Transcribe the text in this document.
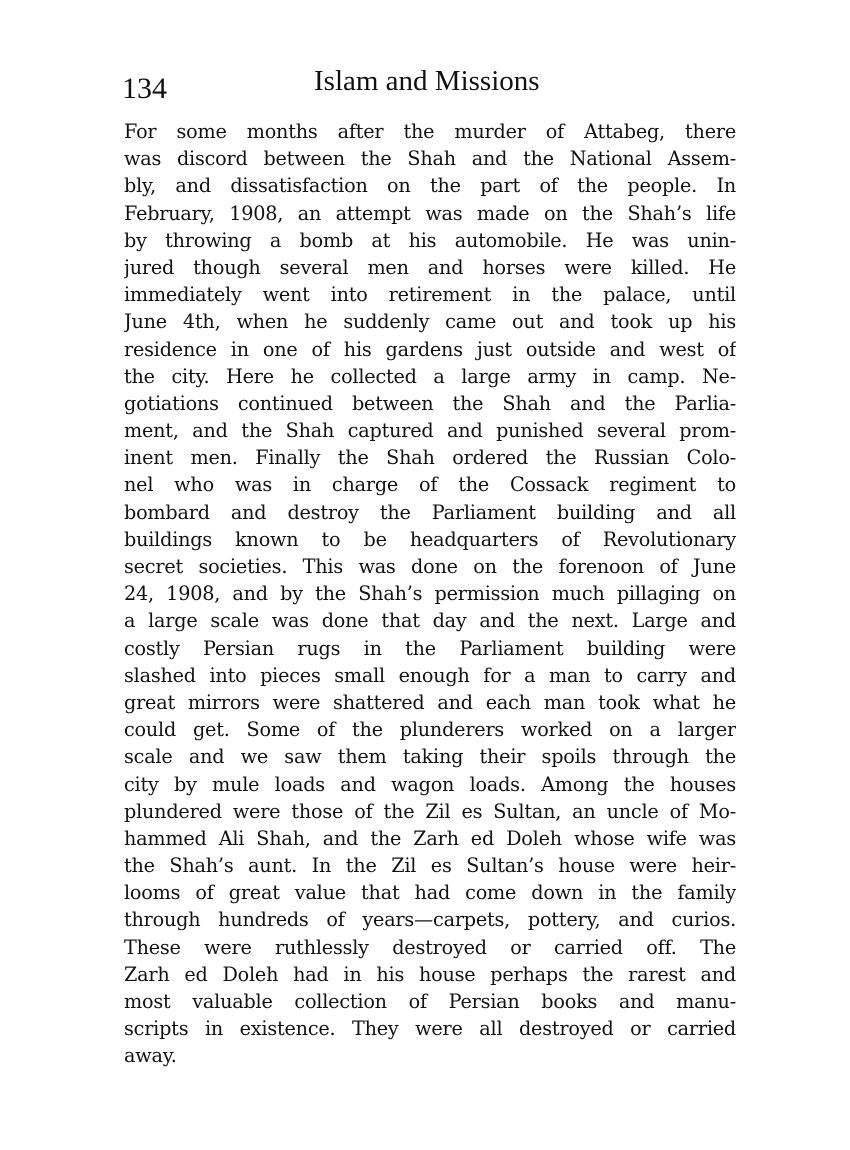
134	Islam and Missions
For some months after the murder of Attabeg, there
was discord between the Shah and the National Assem-
bly, and dissatisfaction on the part of the people. In
February, 1908, an attempt was made on the Shah’s life
by throwing a bomb at his automobile. He was unin-
jured though several men and horses were killed. He
immediately went into retirement in the palace, until
June 4th, when he suddenly came out and took up his
residence in one of his gardens just outside and west of
the city. Here he collected a large army in camp. Ne-
gotiations continued between the Shah and the Parlia-
ment, and the Shah captured and punished several prom-
inent men. Finally the Shah ordered the Russian Colo-
nel who was in charge of the Cossack regiment to
bombard and destroy the Parliament building and all
buildings known to be headquarters of Revolutionary
secret societies. This was done on the forenoon of June
24, 1908, and by the Shah’s permission much pillaging on
a large scale was done that day and the next. Large and
costly Persian rugs in the Parliament building were
slashed into pieces small enough for a man to carry and
great mirrors were shattered and each man took what he
could get. Some of the plunderers worked on a larger
scale and we saw them taking their spoils through the
city by mule loads and wagon loads. Among the houses
plundered were those of the Zil es Sultan, an uncle of Mo-
hammed Ali Shah, and the Zarh ed Doleh whose wife was
the Shah’s aunt. In the Zil es Sultan’s house were heir-
looms of great value that had come down in the family
through hundreds of years—carpets, pottery, and curios.
These were ruthlessly destroyed or carried off. The
Zarh ed Doleh had in his house perhaps the rarest and
most valuable collection of Persian books and manu-
scripts in existence. They were all destroyed or carried
away.
